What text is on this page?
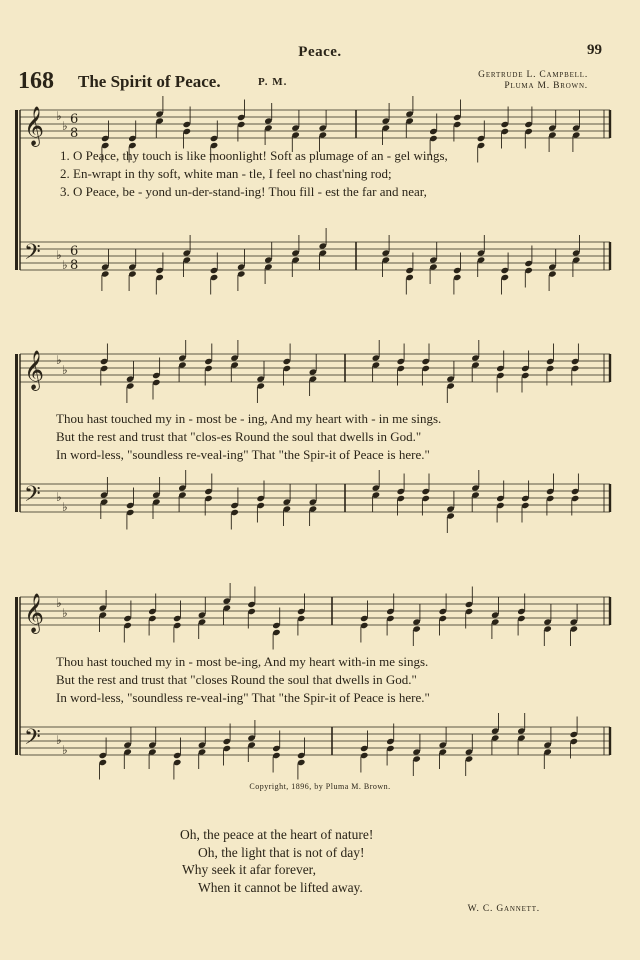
Peace.	99
168 The Spirit of Peace.	P. M.
Gertrude L. Campbell.
Pluma M. Brown.
𝄞
𝄢
♭
♭
♭
♭
6
8
6
8
𝄞
𝄢
♭
♭
♭
♭
𝄞
𝄢
♭
♭
♭
♭
1. O Peace, thy touch is like moonlight! Soft as plumage of an - gel wings,
2. En-wrapt in thy soft, white man - tle, I feel no chast'ning rod;
3. O Peace, be - yond un-der-stand-ing! Thou fill - est the far and near,
Thou hast touched my in - most be - ing, And my heart with - in me sings.
But the rest and trust that "clos-es Round the soul that dwells in God."
In word-less, "soundless re-veal-ing" That "the Spir-it of Peace is here."
Thou hast touched my in - most be-ing, And my heart with-in me sings.
But the rest and trust that "closes Round the soul that dwells in God."
In word-less, "soundless re-veal-ing" That "the Spir-it of Peace is here."
Copyright, 1896, by Pluma M. Brown.
Oh, the peace at the heart of nature!
Oh, the light that is not of day!
Why seek it afar forever,
When it cannot be lifted away.
W. C. Gannett.
